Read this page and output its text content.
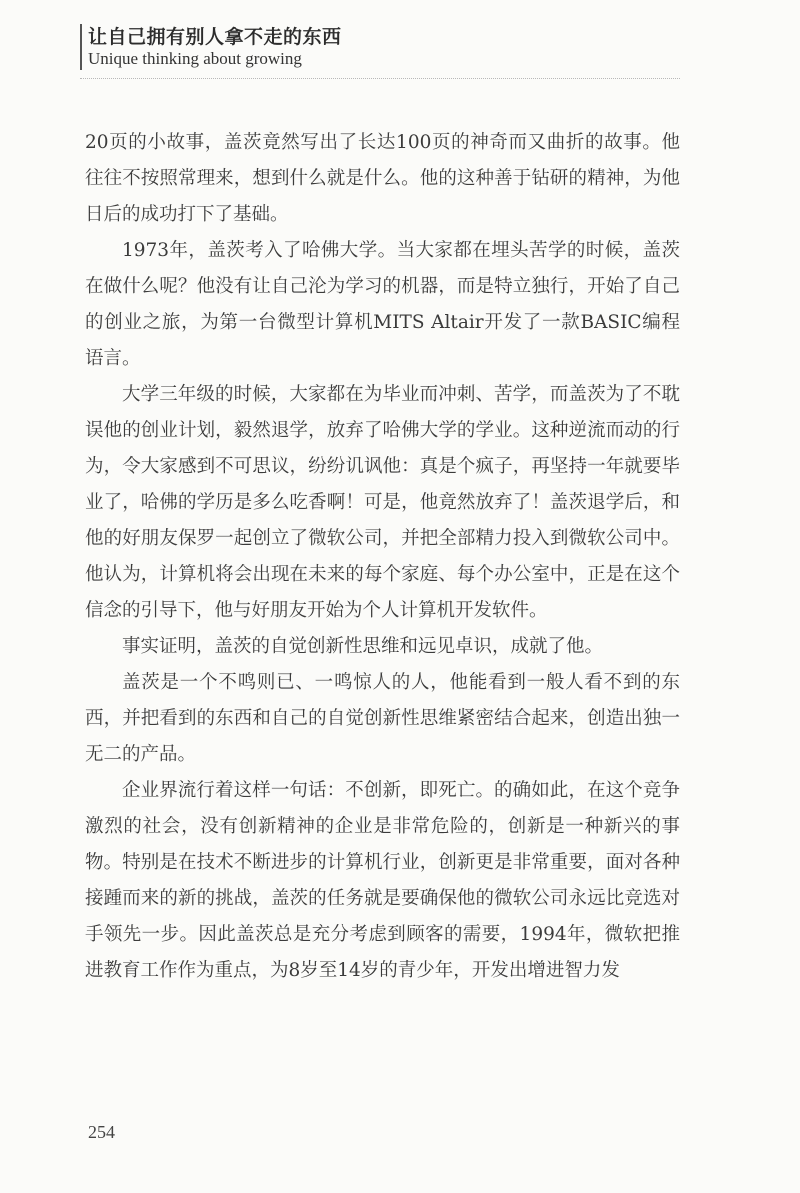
让自己拥有别人拿不走的东西
Unique thinking about growing

20页的小故事，盖茨竟然写出了长达100页的神奇而又曲折的故事。他往往不按照常理来，想到什么就是什么。他的这种善于钻研的精神，为他日后的成功打下了基础。

1973年，盖茨考入了哈佛大学。当大家都在埋头苦学的时候，盖茨在做什么呢？他没有让自己沦为学习的机器，而是特立独行，开始了自己的创业之旅，为第一台微型计算机MITS Altair开发了一款BASIC编程语言。

大学三年级的时候，大家都在为毕业而冲刺、苦学，而盖茨为了不耽误他的创业计划，毅然退学，放弃了哈佛大学的学业。这种逆流而动的行为，令大家感到不可思议，纷纷讥讽他：真是个疯子，再坚持一年就要毕业了，哈佛的学历是多么吃香啊！可是，他竟然放弃了！盖茨退学后，和他的好朋友保罗一起创立了微软公司，并把全部精力投入到微软公司中。他认为，计算机将会出现在未来的每个家庭、每个办公室中，正是在这个信念的引导下，他与好朋友开始为个人计算机开发软件。

事实证明，盖茨的自觉创新性思维和远见卓识，成就了他。

盖茨是一个不鸣则已、一鸣惊人的人，他能看到一般人看不到的东西，并把看到的东西和自己的自觉创新性思维紧密结合起来，创造出独一无二的产品。

企业界流行着这样一句话：不创新，即死亡。的确如此，在这个竞争激烈的社会，没有创新精神的企业是非常危险的，创新是一种新兴的事物。特别是在技术不断进步的计算机行业，创新更是非常重要，面对各种接踵而来的新的挑战，盖茨的任务就是要确保他的微软公司永远比竞选对手领先一步。因此盖茨总是充分考虑到顾客的需要，1994年，微软把推进教育工作作为重点，为8岁至14岁的青少年，开发出增进智力发

254
